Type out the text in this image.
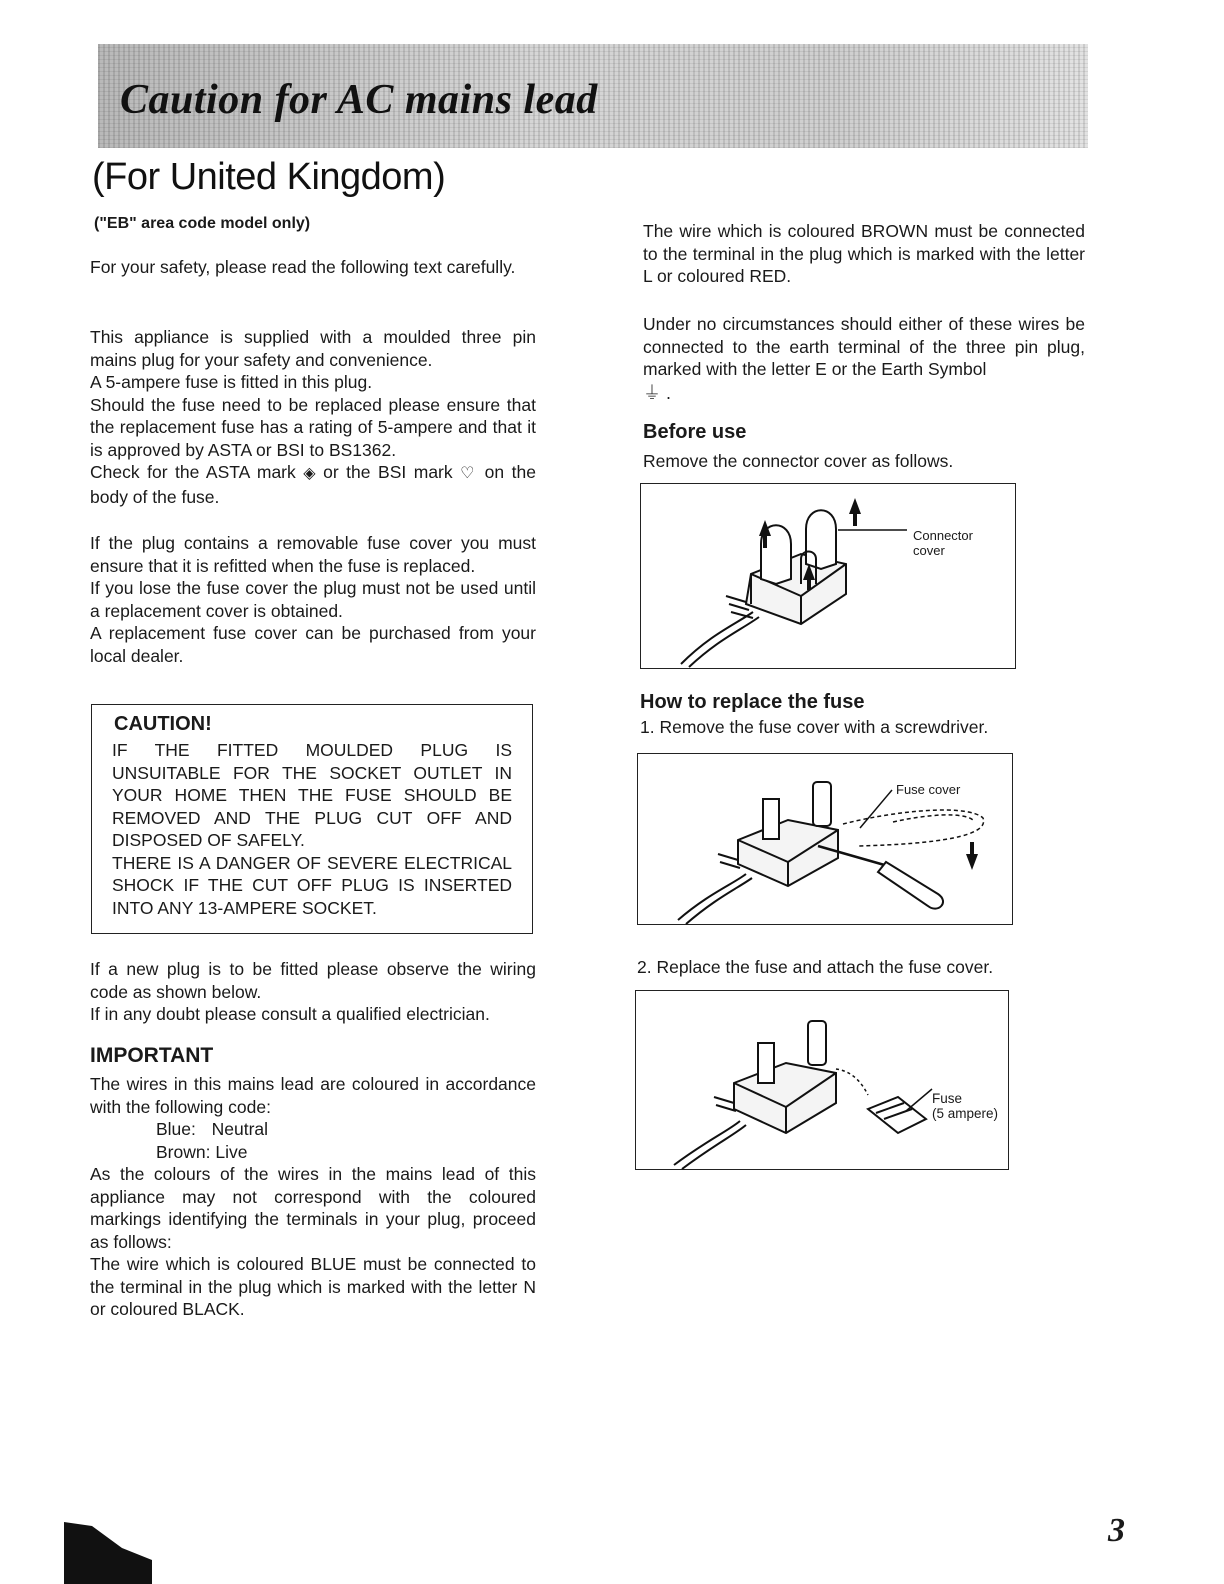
Caution for AC mains lead
(For United Kingdom)
("EB" area code model only)

For your safety, please read the following text carefully.

This appliance is supplied with a moulded three pin mains plug for your safety and convenience.
A 5-ampere fuse is fitted in this plug.
Should the fuse need to be replaced please ensure that the replacement fuse has a rating of 5-ampere and that it is approved by ASTA or BSI to BS1362.
Check for the ASTA mark ◈ or the BSI mark ♡ on the body of the fuse.
If the plug contains a removable fuse cover you must ensure that it is refitted when the fuse is replaced.
If you lose the fuse cover the plug must not be used until a replacement cover is obtained.
A replacement fuse cover can be purchased from your local dealer.
CAUTION!
IF THE FITTED MOULDED PLUG IS UNSUITABLE FOR THE SOCKET OUTLET IN YOUR HOME THEN THE FUSE SHOULD BE REMOVED AND THE PLUG CUT OFF AND DISPOSED OF SAFELY.
THERE IS A DANGER OF SEVERE ELECTRICAL SHOCK IF THE CUT OFF PLUG IS INSERTED INTO ANY 13-AMPERE SOCKET.
If a new plug is to be fitted please observe the wiring code as shown below.
If in any doubt please consult a qualified electrician.
IMPORTANT
The wires in this mains lead are coloured in accordance with the following code:
Blue: Neutral
Brown: Live
As the colours of the wires in the mains lead of this appliance may not correspond with the coloured markings identifying the terminals in your plug, proceed as follows:
The wire which is coloured BLUE must be connected to the terminal in the plug which is marked with the letter N or coloured BLACK.

The wire which is coloured BROWN must be connected to the terminal in the plug which is marked with the letter L or coloured RED.

Under no circumstances should either of these wires be connected to the earth terminal of the three pin plug, marked with the letter E or the Earth Symbol
⏚ .
Before use

Remove the connector cover as follows.

Connector
cover
How to replace the fuse

1. Remove the fuse cover with a screwdriver.

Fuse cover

2. Replace the fuse and attach the fuse cover.

Fuse
(5 ampere)
3
